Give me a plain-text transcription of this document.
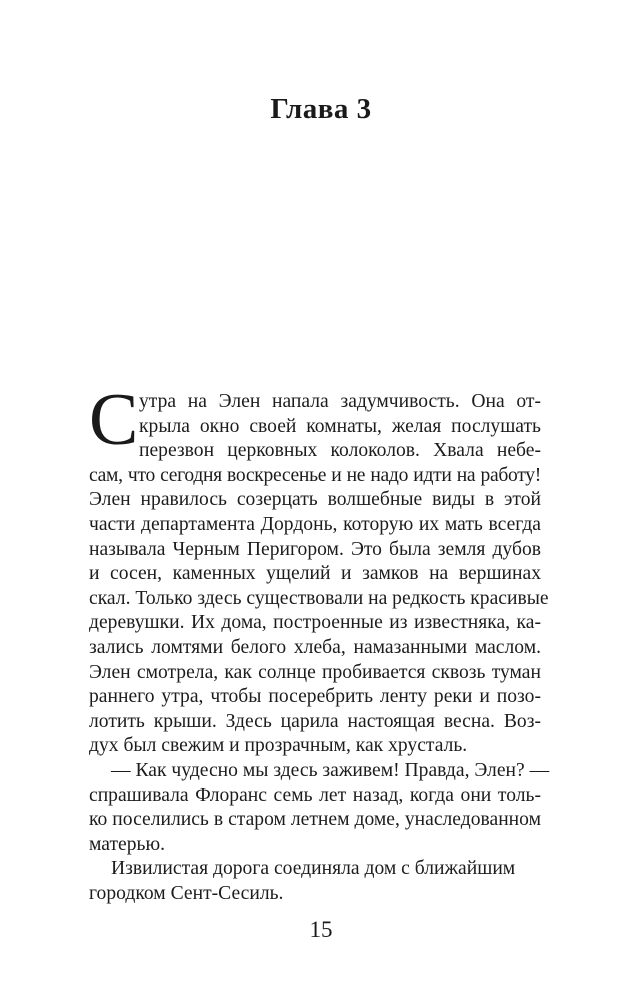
Глава 3
С утра на Элен напала задумчивость. Она от-
крыла окно своей комнаты, желая послушать
перезвон церковных колоколов. Хвала небе-
сам, что сегодня воскресенье и не надо идти на работу!
Элен нравилось созерцать волшебные виды в этой
части департамента Дордонь, которую их мать всегда
называла Черным Перигором. Это была земля дубов
и сосен, каменных ущелий и замков на вершинах
скал. Только здесь существовали на редкость красивые
деревушки. Их дома, построенные из известняка, ка-
зались ломтями белого хлеба, намазанными маслом.
Элен смотрела, как солнце пробивается сквозь туман
раннего утра, чтобы посеребрить ленту реки и позо-
лотить крыши. Здесь царила настоящая весна. Воз-
дух был свежим и прозрачным, как хрусталь.
— Как чудесно мы здесь заживем! Правда, Элен? —
спрашивала Флоранс семь лет назад, когда они толь-
ко поселились в старом летнем доме, унаследованном
матерью.
Извилистая дорога соединяла дом с ближайшим
городком Сент-Сесиль.
15
